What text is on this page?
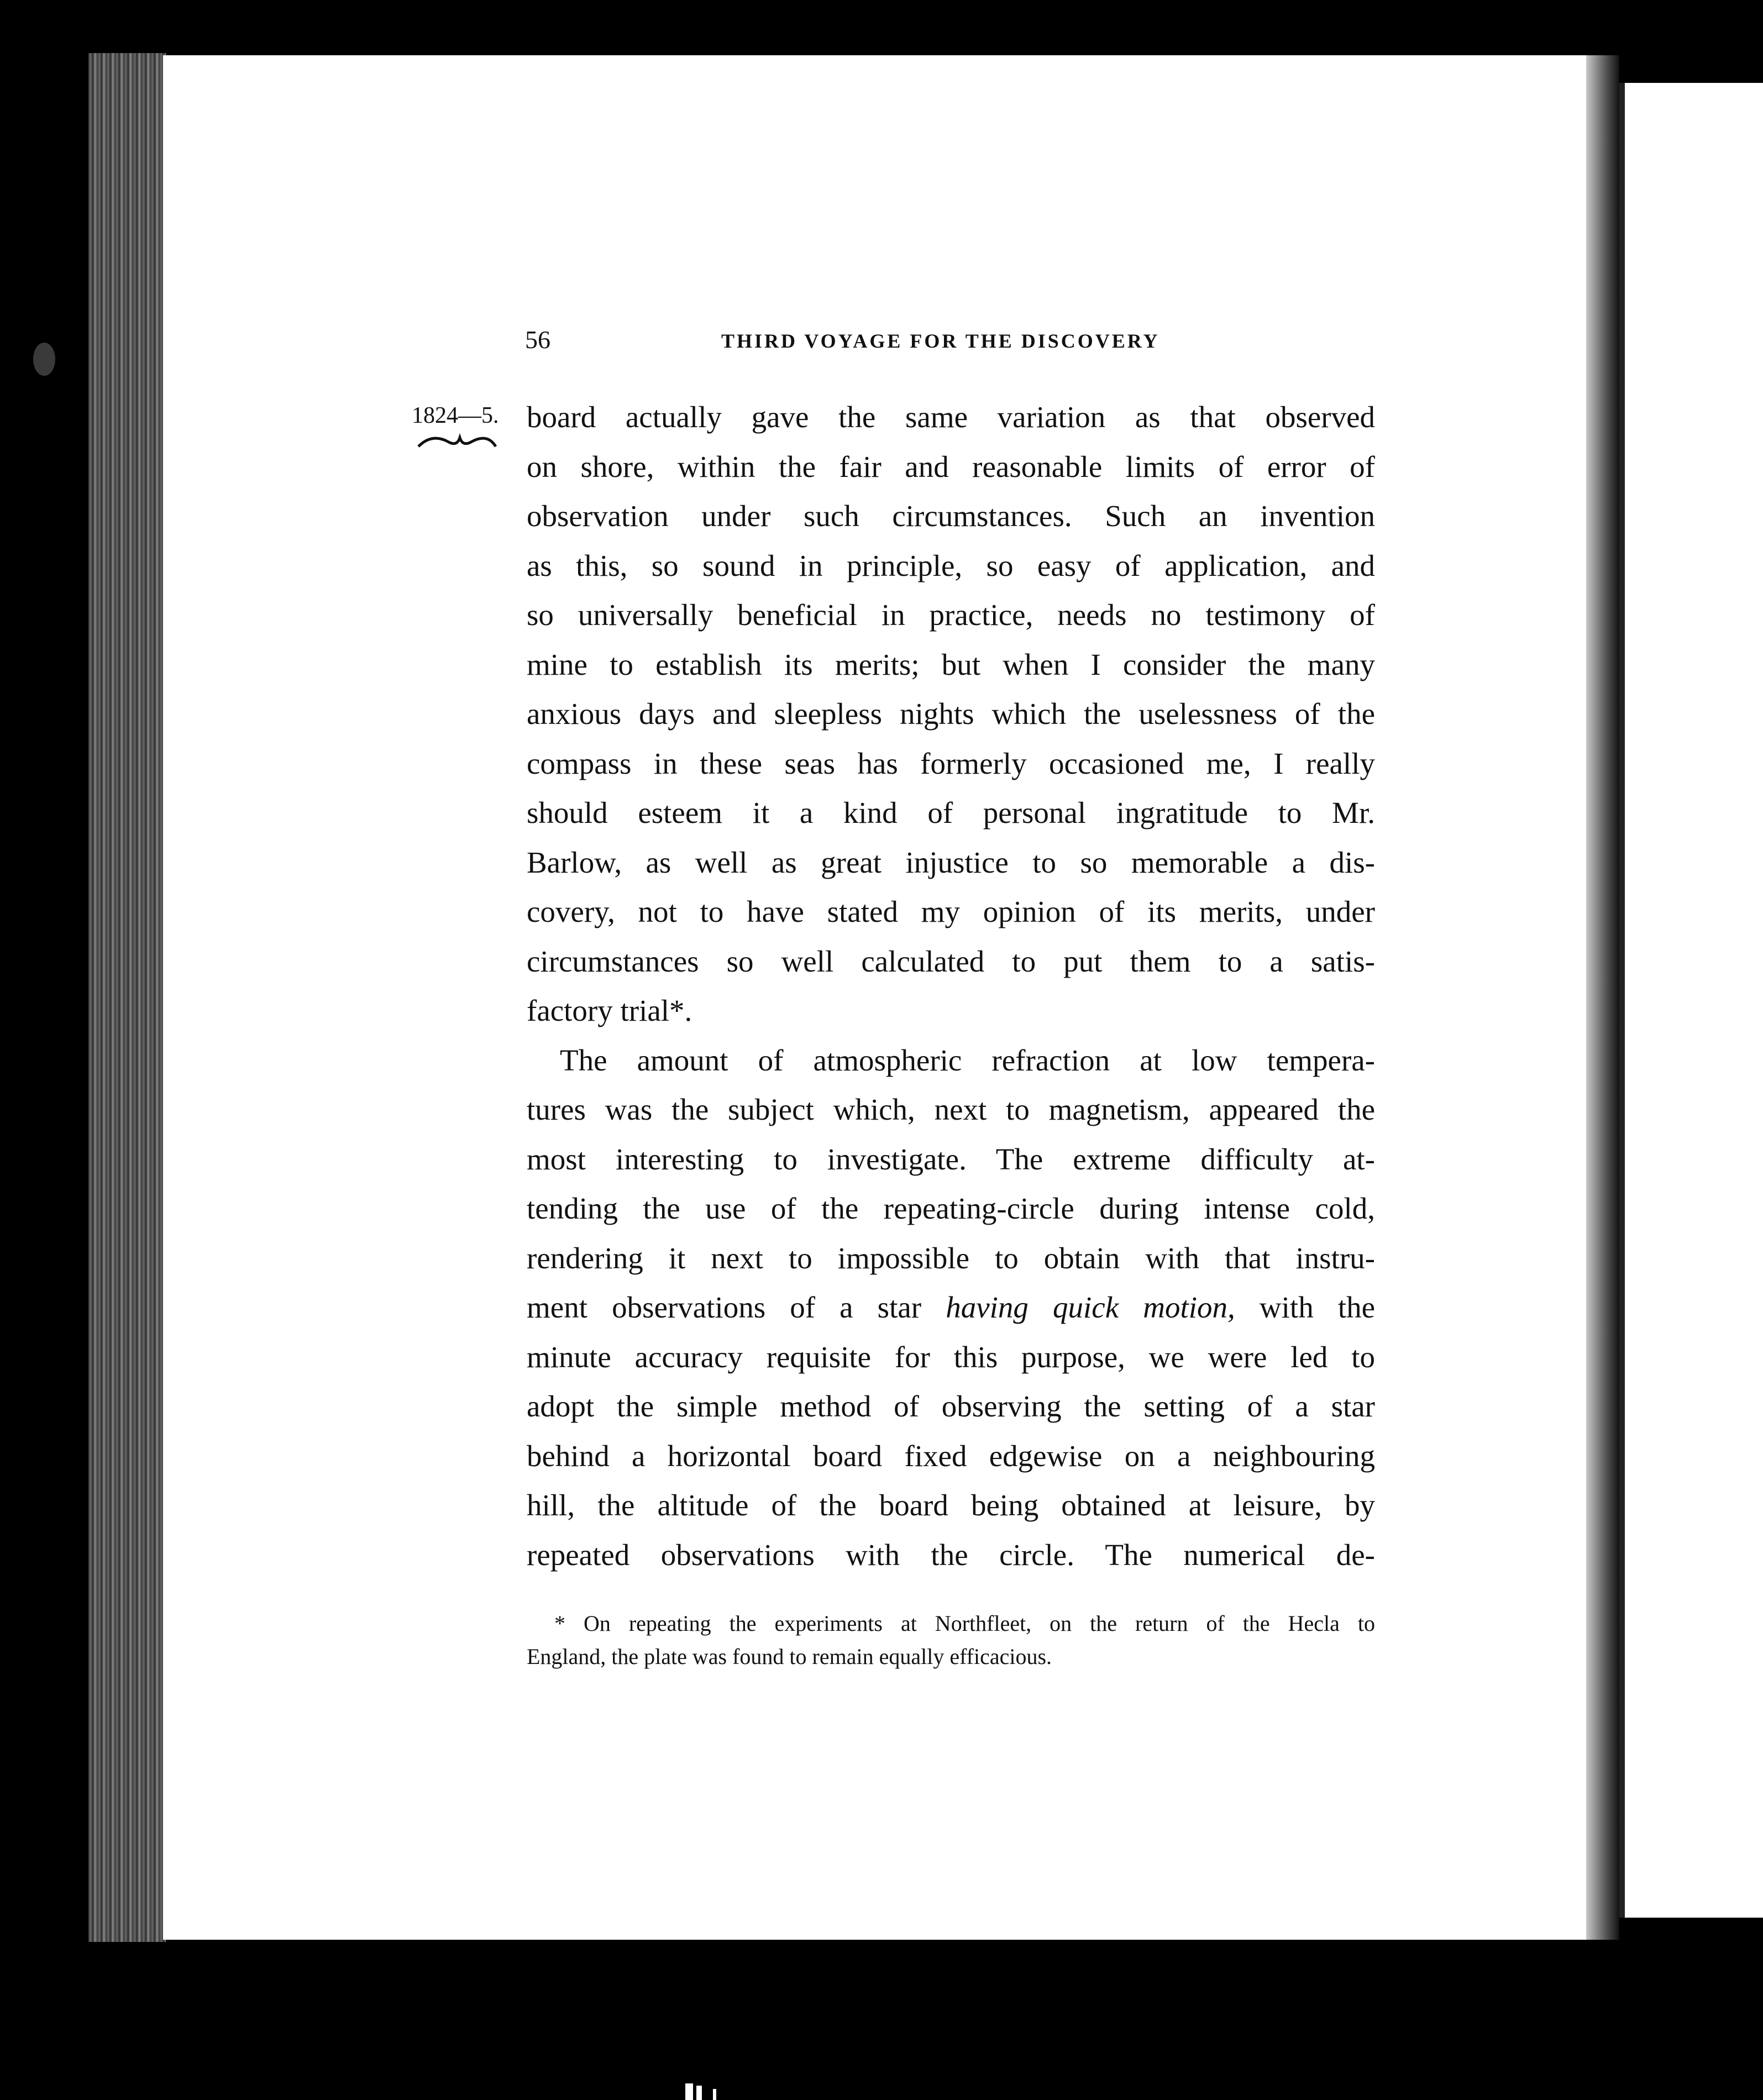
56	THIRD VOYAGE FOR THE DISCOVERY
1824—5. board actually gave the same variation as that observed
on shore, within the fair and reasonable limits of error of
observation under such circumstances. Such an invention
as this, so sound in principle, so easy of application, and
so universally beneficial in practice, needs no testimony of
mine to establish its merits; but when I consider the many
anxious days and sleepless nights which the uselessness of the
compass in these seas has formerly occasioned me, I really
should esteem it a kind of personal ingratitude to Mr.
Barlow, as well as great injustice to so memorable a dis-
covery, not to have stated my opinion of its merits, under
circumstances so well calculated to put them to a satis-
factory trial*.
The amount of atmospheric refraction at low tempera-
tures was the subject which, next to magnetism, appeared the
most interesting to investigate. The extreme difficulty at-
tending the use of the repeating-circle during intense cold,
rendering it next to impossible to obtain with that instru-
ment observations of a star having quick motion, with the
minute accuracy requisite for this purpose, we were led to
adopt the simple method of observing the setting of a star
behind a horizontal board fixed edgewise on a neighbouring
hill, the altitude of the board being obtained at leisure, by
repeated observations with the circle. The numerical de-
* On repeating the experiments at Northfleet, on the return of the Hecla to
England, the plate was found to remain equally efficacious.
